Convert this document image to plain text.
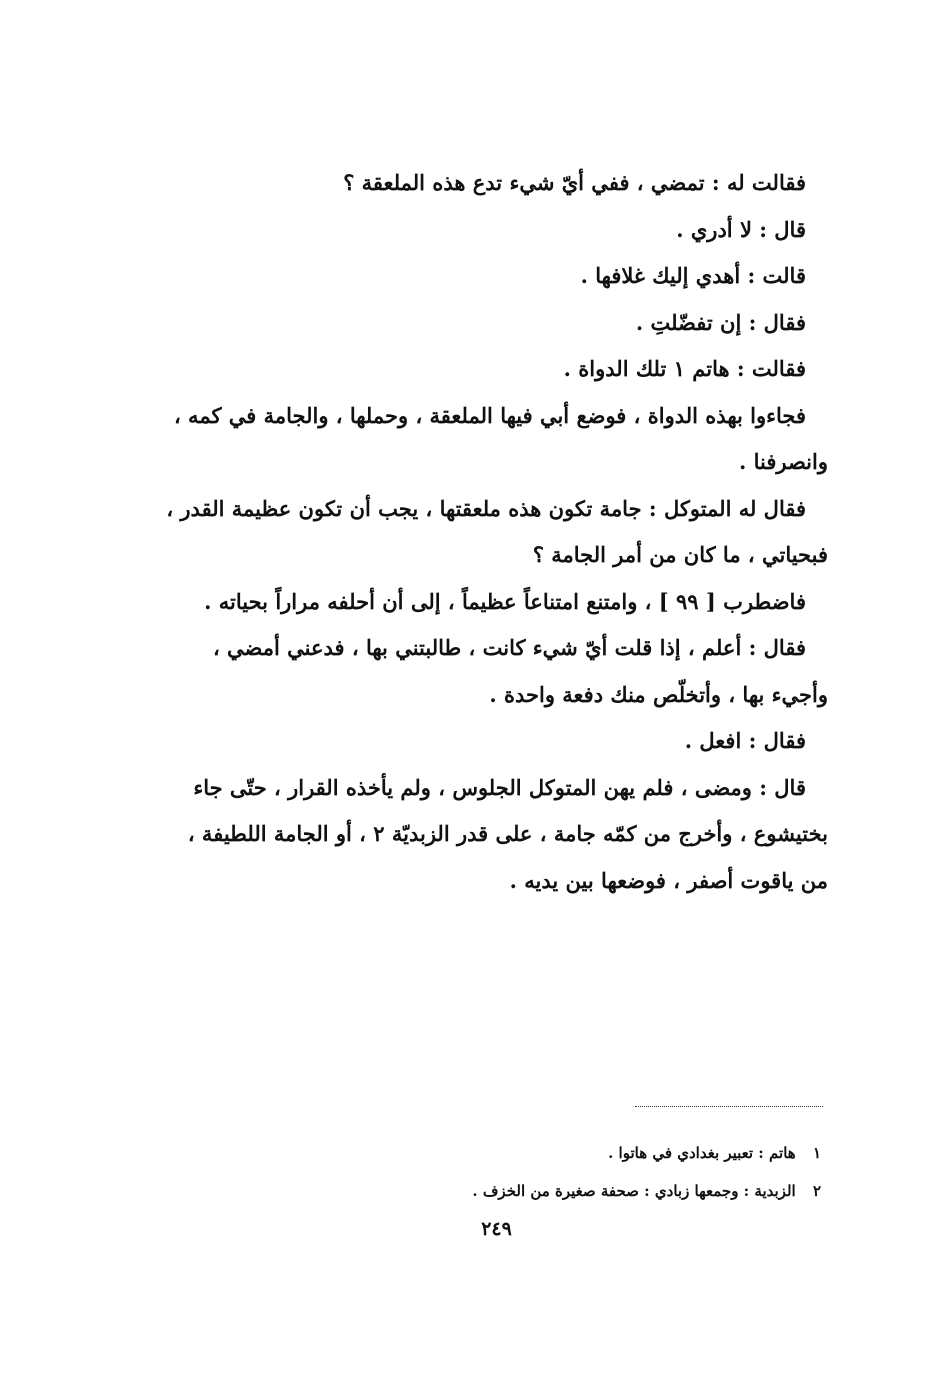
فقالت له : تمضي ، ففي أيّ شيء تدع هذه الملعقة ؟
قال : لا أدري .
قالت : أهدي إليك غلافها .
فقال : إن تفضّلتِ .
فقالت : هاتم ١ تلك الدواة .
فجاءوا بهذه الدواة ، فوضع أبي فيها الملعقة ، وحملها ، والجامة في كمه ،
وانصرفنا .
فقال له المتوكل : جامة تكون هذه ملعقتها ، يجب أن تكون عظيمة القدر ،
فبحياتي ، ما كان من أمر الجامة ؟
فاضطرب [ ٩٩ ] ، وامتنع امتناعاً عظيماً ، إلى أن أحلفه مراراً بحياته .
فقال : أعلم ، إذا قلت أيّ شيء كانت ، طالبتني بها ، فدعني أمضي ،
وأجيء بها ، وأتخلّص منك دفعة واحدة .
فقال : افعل .
قال : ومضى ، فلم يهن المتوكل الجلوس ، ولم يأخذه القرار ، حتّى جاء
بختيشوع ، وأخرج من كمّه جامة ، على قدر الزبديّة ٢ ، أو الجامة اللطيفة ،
من ياقوت أصفر ، فوضعها بين يديه .
١ هاتم : تعبير بغدادي في هاتوا .
٢ الزبدية : وجمعها زبادي : صحفة صغيرة من الخزف .
٢٤٩
